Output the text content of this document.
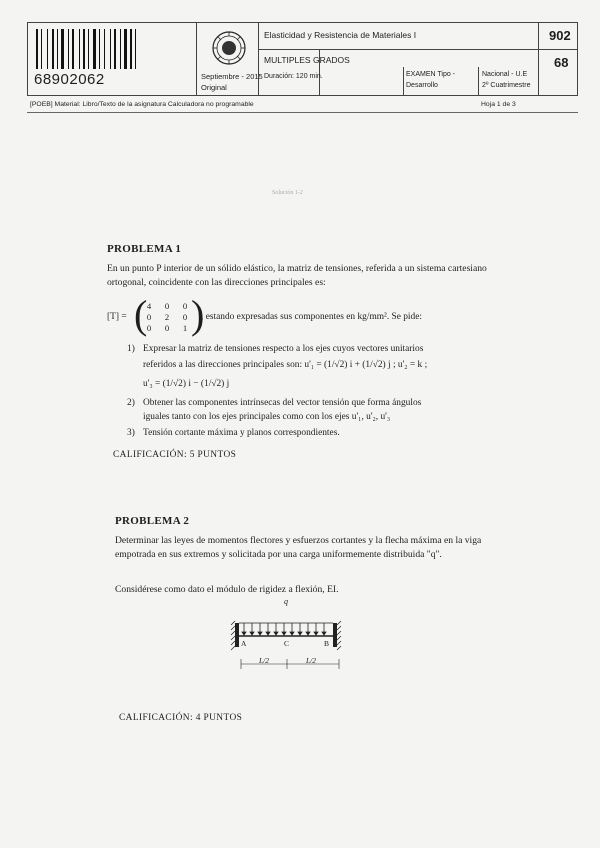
68902062	Septiembre - 2015
Original
Elasticidad y Resistencia de Materiales I	902
MULTIPLES GRADOS	68
Duración: 120 min.	EXAMEN Tipo -
Desarrollo
Nacional - U.E
2º Cuatrimestre
[POEB] Material: Libro/Texto de la asignatura Calculadora no programable	Hoja 1 de 3
Solución 1-2
PROBLEMA 1
En un punto P interior de un sólido elástico, la matriz de tensiones, referida a un sistema cartesiano ortogonal, coincidente con las direcciones principales es:
[T] = ( 4	0	0
0	2	0
0	0	1 )
, estando expresadas sus componentes en kg/mm². Se pide:
1) Expresar la matriz de tensiones respecto a los ejes cuyos vectores unitarios
referidos a las direcciones principales son: u'₁ = (1/√2) i + (1/√2) j ; u'₂ = k ;
u'₃ = (1/√2) i − (1/√2) j
2) Obtener las componentes intrínsecas del vector tensión que forma ángulos
iguales tanto con los ejes principales como con los ejes u'₁, u'₂, u'₃
3) Tensión cortante máxima y planos correspondientes.
CALIFICACIÓN: 5 PUNTOS
PROBLEMA 2
Determinar las leyes de momentos flectores y esfuerzos cortantes y la flecha máxima en la viga empotrada en sus extremos y solicitada por una carga uniformemente distribuida "q".
Considérese como dato el módulo de rigidez a flexión, EI.
q
A	C	B
L/2	L/2
CALIFICACIÓN: 4 PUNTOS
